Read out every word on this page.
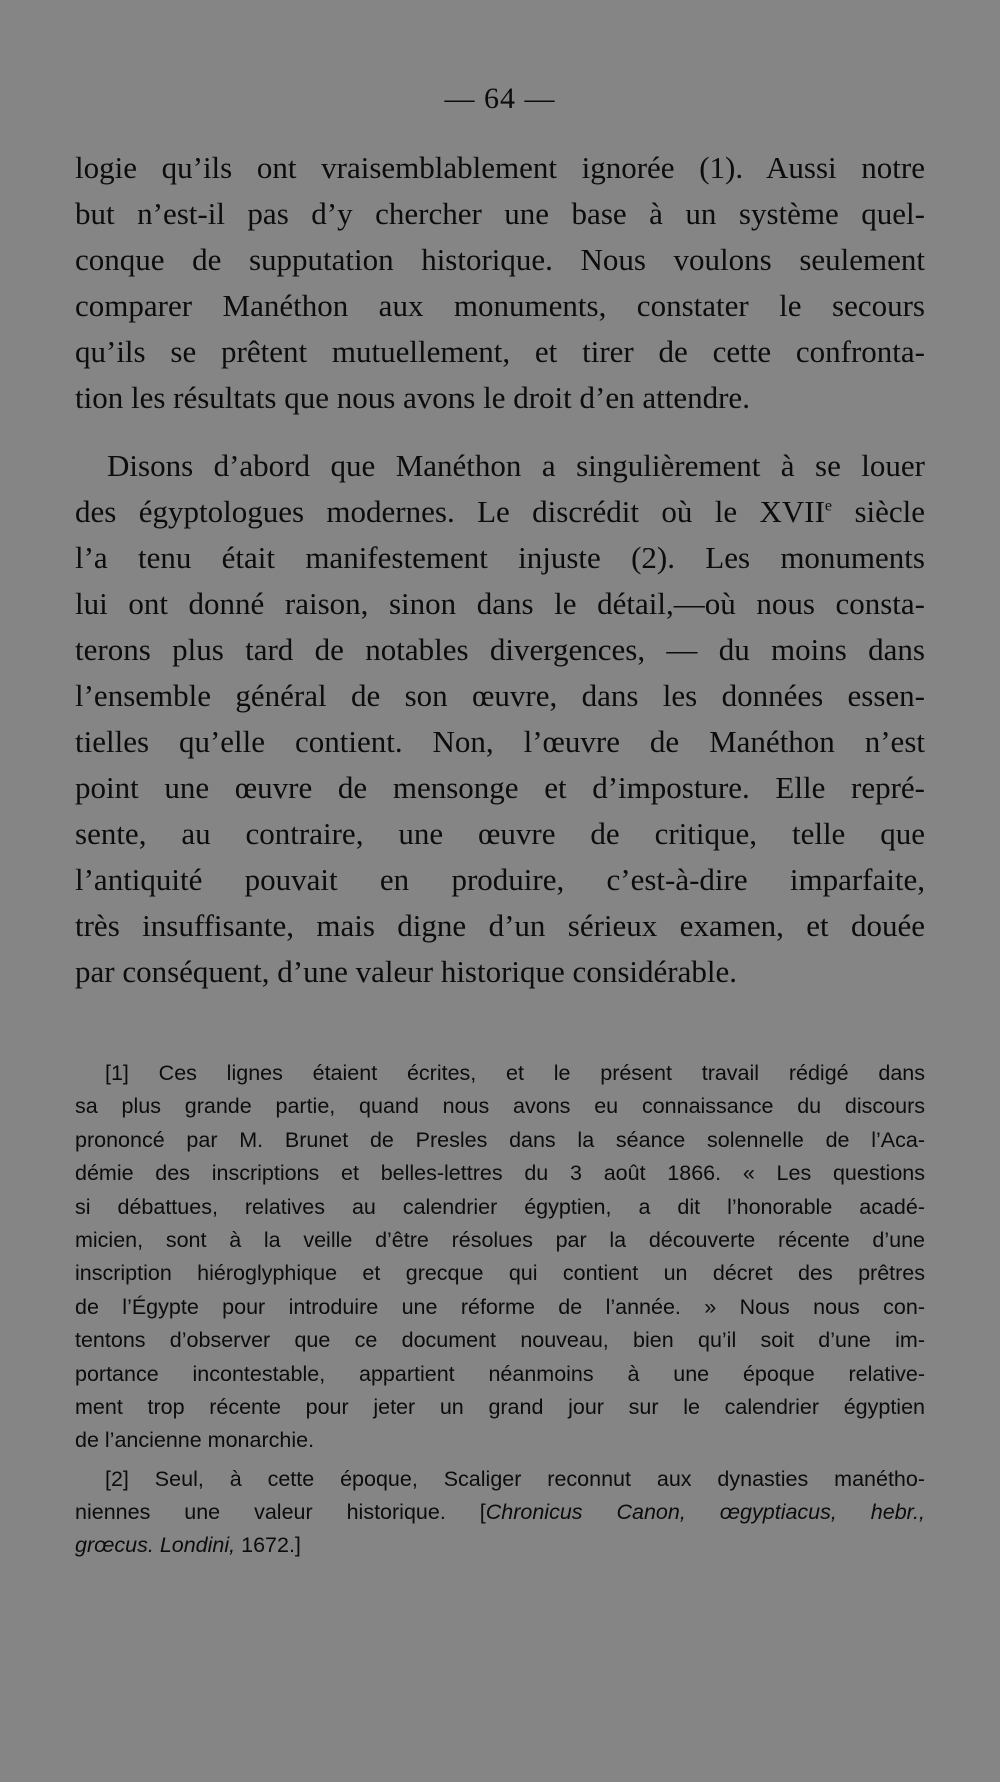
— 64 —
logie qu’ils ont vraisemblablement ignorée (1). Aussi notre
but n’est-il pas d’y chercher une base à un système quel-
conque de supputation historique. Nous voulons seulement
comparer Manéthon aux monuments, constater le secours
qu’ils se prêtent mutuellement, et tirer de cette confronta-
tion les résultats que nous avons le droit d’en attendre.
Disons d’abord que Manéthon a singulièrement à se louer
des égyptologues modernes. Le discrédit où le XVIIe siècle
l’a tenu était manifestement injuste (2). Les monuments
lui ont donné raison, sinon dans le détail,—où nous consta-
terons plus tard de notables divergences, — du moins dans
l’ensemble général de son œuvre, dans les données essen-
tielles qu’elle contient. Non, l’œuvre de Manéthon n’est
point une œuvre de mensonge et d’imposture. Elle repré-
sente, au contraire, une œuvre de critique, telle que
l’antiquité pouvait en produire, c’est-à-dire imparfaite,
très insuffisante, mais digne d’un sérieux examen, et douée
par conséquent, d’une valeur historique considérable.
[1] Ces lignes étaient écrites, et le présent travail rédigé dans
sa plus grande partie, quand nous avons eu connaissance du discours
prononcé par M. Brunet de Presles dans la séance solennelle de l’Aca-
démie des inscriptions et belles-lettres du 3 août 1866. « Les questions
si débattues, relatives au calendrier égyptien, a dit l’honorable acadé-
micien, sont à la veille d’être résolues par la découverte récente d’une
inscription hiéroglyphique et grecque qui contient un décret des prêtres
de l’Égypte pour introduire une réforme de l’année. » Nous nous con-
tentons d’observer que ce document nouveau, bien qu’il soit d’une im-
portance incontestable, appartient néanmoins à une époque relative-
ment trop récente pour jeter un grand jour sur le calendrier égyptien
de l’ancienne monarchie.
[2] Seul, à cette époque, Scaliger reconnut aux dynasties manétho-
niennes une valeur historique. [Chronicus Canon, œgyptiacus, hebr.,
grœcus. Londini, 1672.]
